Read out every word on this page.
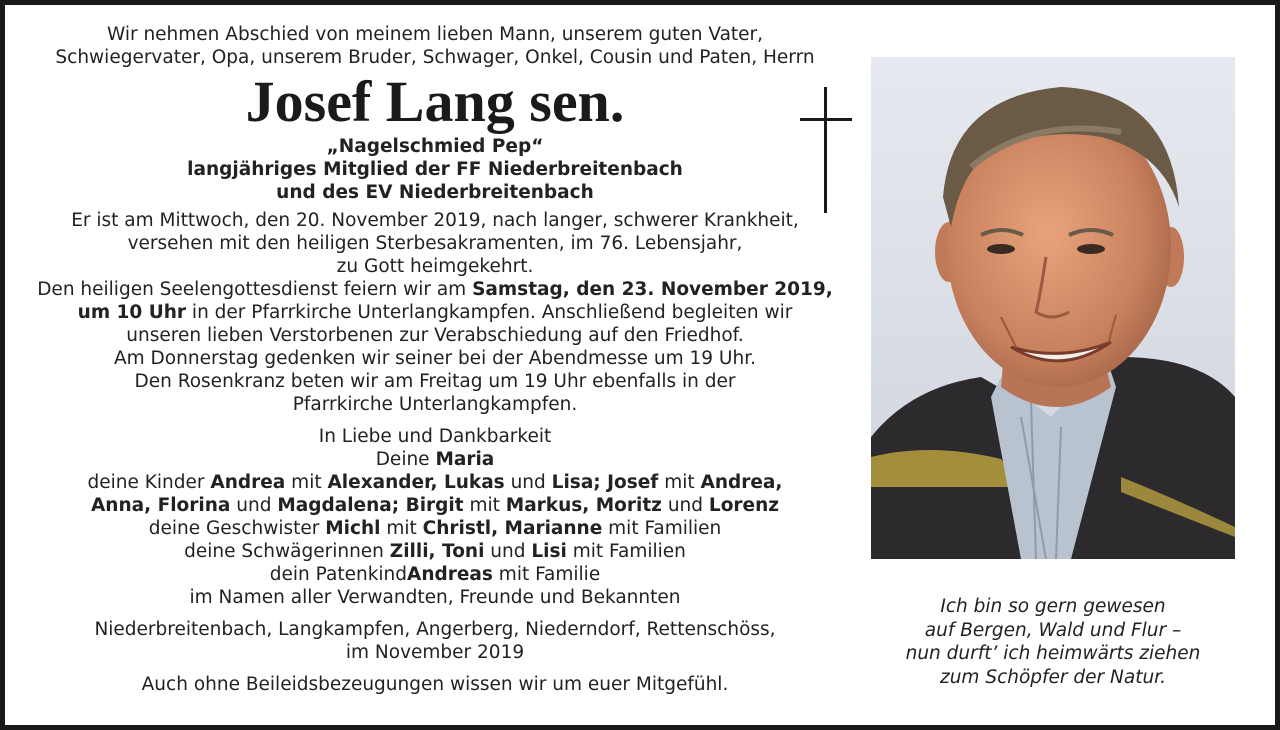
Wir nehmen Abschied von meinem lieben Mann, unserem guten Vater,

Schwiegervater, Opa, unserem Bruder, Schwager, Onkel, Cousin und Paten, Herrn

Josef Lang sen.

„Nagelschmied Pep“

langjähriges Mitglied der FF Niederbreitenbach

und des EV Niederbreitenbach

Er ist am Mittwoch, den 20. November 2019, nach langer, schwerer Krankheit,

versehen mit den heiligen Sterbesakramenten, im 76. Lebensjahr,

zu Gott heimgekehrt.

Den heiligen Seelengottesdienst feiern wir am Samstag, den 23. November 2019,

um 10 Uhr in der Pfarrkirche Unterlangkampfen. Anschließend begleiten wir

unseren lieben Verstorbenen zur Verabschiedung auf den Friedhof.

Am Donnerstag gedenken wir seiner bei der Abendmesse um 19 Uhr.

Den Rosenkranz beten wir am Freitag um 19 Uhr ebenfalls in der

Pfarrkirche Unterlangkampfen.

In Liebe und Dankbarkeit

Deine Maria

deine Kinder Andrea mit Alexander, Lukas und Lisa; Josef mit Andrea,

Anna, Florina und Magdalena; Birgit mit Markus, Moritz und Lorenz

deine Geschwister Michl mit Christl, Marianne mit Familien

deine Schwägerinnen Zilli, Toni und Lisi mit Familien

dein PatenkindAndreas mit Familie

im Namen aller Verwandten, Freunde und Bekannten

Niederbreitenbach, Langkampfen, Angerberg, Niederndorf, Rettenschöss,

im November 2019

Auch ohne Beileidsbezeugungen wissen wir um euer Mitgefühl.

Ich bin so gern gewesen

auf Bergen, Wald und Flur –

nun durft’ ich heimwärts ziehen

zum Schöpfer der Natur.
